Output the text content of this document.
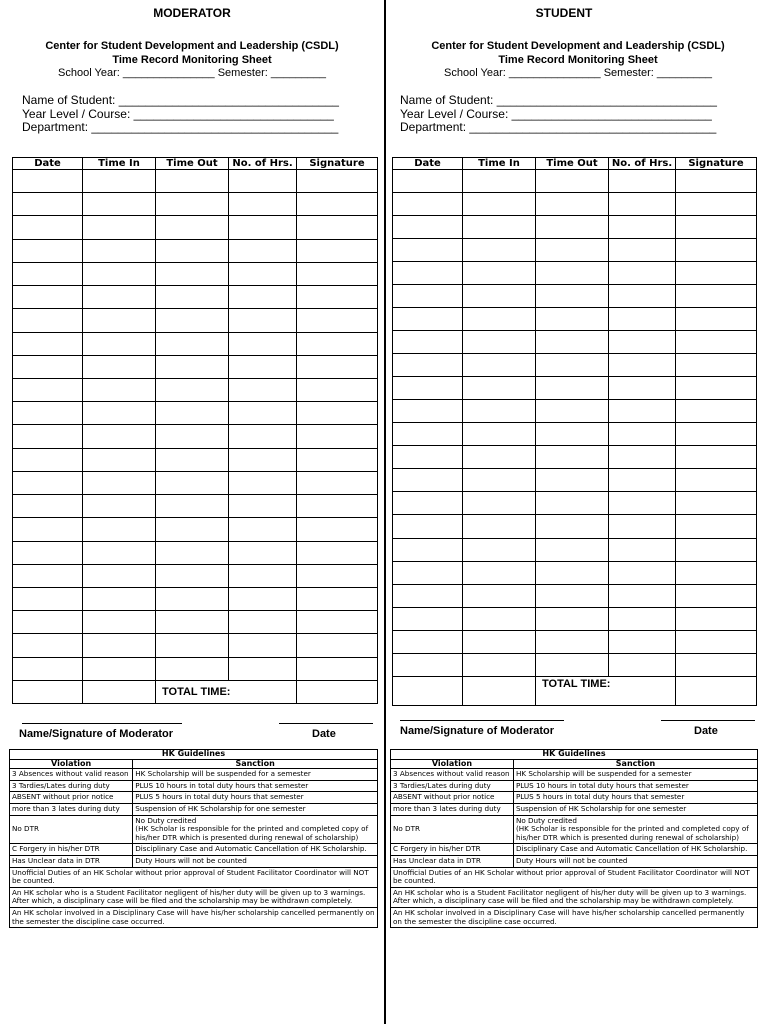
MODERATOR
Center for Student Development and Leadership (CSDL)
Time Record Monitoring Sheet
School Year: _______________ Semester: _________
Name of Student: _________________________________
Year Level / Course: ______________________________
Department: _____________________________________
Date	Time In	Time Out	No. of Hrs.	Signature

		TOTAL TIME:		
Name/Signature of Moderator	Date
HK Guidelines	
Violation	Sanction
3 Absences without valid reason	HK Scholarship will be suspended for a semester
3 Tardies/Lates during duty	PLUS 10 hours in total duty hours that semester
ABSENT without prior notice	PLUS 5 hours in total duty hours that semester
more than 3 lates during duty	Suspension of HK Scholarship for one semester
No DTR	No Duty credited
(HK Scholar is responsible for the printed and completed copy of his/her DTR which is presented during renewal of scholarship)
C Forgery in his/her DTR	Disciplinary Case and Automatic Cancellation of HK Scholarship.
Has Unclear data in DTR	Duty Hours will not be counted
Unofficial Duties of an HK Scholar without prior approval of Student Facilitator Coordinator will NOT be counted.	
An HK scholar who is a Student Facilitator negligent of his/her duty will be given up to 3 warnings. After which, a disciplinary case will be filed and the scholarship may be withdrawn completely.	
An HK scholar involved in a Disciplinary Case will have his/her scholarship cancelled permanently on the semester the discipline case occurred.	
STUDENT
Center for Student Development and Leadership (CSDL)
Time Record Monitoring Sheet
School Year: _______________ Semester: _________
Name of Student: _________________________________
Year Level / Course: ______________________________
Department: _____________________________________
Date	Time In	Time Out	No. of Hrs.	Signature

		TOTAL TIME:		
Name/Signature of Moderator	Date
HK Guidelines	
Violation	Sanction
3 Absences without valid reason	HK Scholarship will be suspended for a semester
3 Tardies/Lates during duty	PLUS 10 hours in total duty hours that semester
ABSENT without prior notice	PLUS 5 hours in total duty hours that semester
more than 3 lates during duty	Suspension of HK Scholarship for one semester
No DTR	No Duty credited
(HK Scholar is responsible for the printed and completed copy of his/her DTR which is presented during renewal of scholarship)
C Forgery in his/her DTR	Disciplinary Case and Automatic Cancellation of HK Scholarship.
Has Unclear data in DTR	Duty Hours will not be counted
Unofficial Duties of an HK Scholar without prior approval of Student Facilitator Coordinator will NOT be counted.	
An HK scholar who is a Student Facilitator negligent of his/her duty will be given up to 3 warnings. After which, a disciplinary case will be filed and the scholarship may be withdrawn completely.	
An HK scholar involved in a Disciplinary Case will have his/her scholarship cancelled permanently on the semester the discipline case occurred.	
